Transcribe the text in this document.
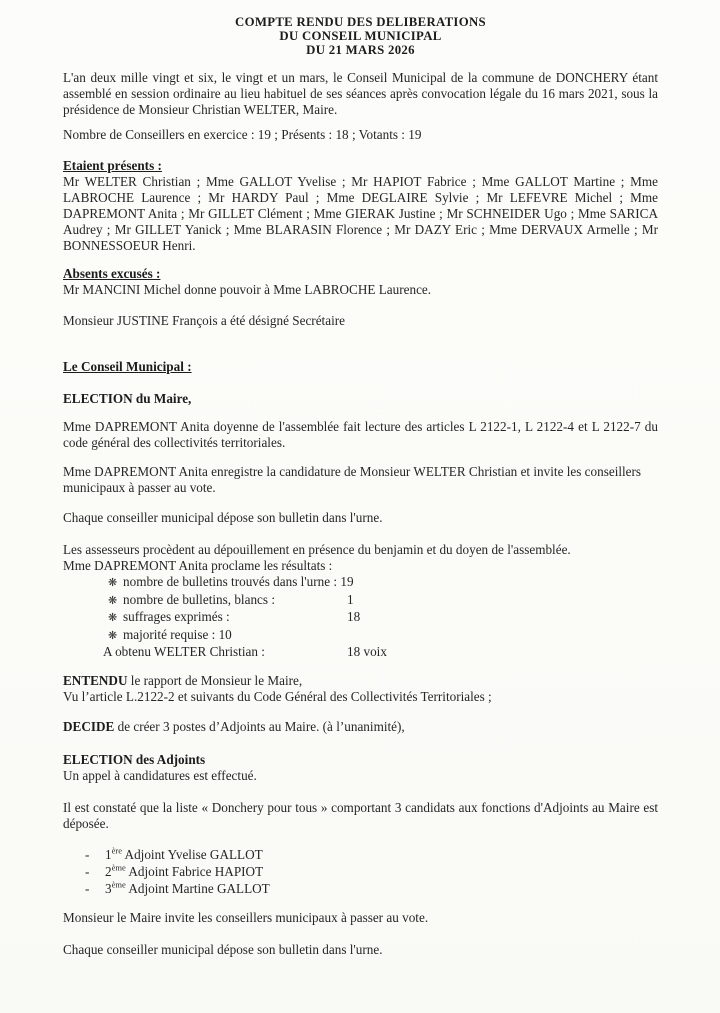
COMPTE RENDU DES DELIBERATIONS
DU CONSEIL MUNICIPAL
DU 21 MARS 2026

L'an deux mille vingt et six, le vingt et un mars, le Conseil Municipal de la commune de DONCHERY étant assemblé en session ordinaire au lieu habituel de ses séances après convocation légale du 16 mars 2021, sous la présidence de Monsieur Christian WELTER, Maire.

Nombre de Conseillers en exercice : 19 ; Présents : 18 ; Votants : 19

Etaient présents :
Mr WELTER Christian ; Mme GALLOT Yvelise ; Mr HAPIOT Fabrice ; Mme GALLOT Martine ; Mme LABROCHE Laurence ; Mr HARDY Paul ; Mme DEGLAIRE Sylvie ; Mr LEFEVRE Michel ; Mme DAPREMONT Anita ; Mr GILLET Clément ; Mme GIERAK Justine ; Mr SCHNEIDER Ugo ; Mme SARICA Audrey ; Mr GILLET Yanick ; Mme BLARASIN Florence ; Mr DAZY Eric ; Mme DERVAUX Armelle ; Mr BONNESSOEUR Henri.
Absents excusés :
Mr MANCINI Michel donne pouvoir à Mme LABROCHE Laurence.

Monsieur JUSTINE François a été désigné Secrétaire

Le Conseil Municipal :
ELECTION du Maire,

Mme DAPREMONT Anita doyenne de l'assemblée fait lecture des articles L 2122-1, L 2122-4 et L 2122-7 du code général des collectivités territoriales.

Mme DAPREMONT Anita enregistre la candidature de Monsieur WELTER Christian et invite les conseillers municipaux à passer au vote.

Chaque conseiller municipal dépose son bulletin dans l'urne.

Les assesseurs procèdent au dépouillement en présence du benjamin et du doyen de l'assemblée.
Mme DAPREMONT Anita proclame les résultats :
❋ nombre de bulletins trouvés dans l'urne : 19
❋ nombre de bulletins, blancs :	1
❋ suffrages exprimés :	18
❋ majorité requise : 10
A obtenu WELTER Christian :	18 voix
ENTENDU le rapport de Monsieur le Maire,
Vu l’article L.2122-2 et suivants du Code Général des Collectivités Territoriales ;

DECIDE de créer 3 postes d’Adjoints au Maire. (à l’unanimité),

ELECTION des Adjoints
Un appel à candidatures est effectué.

Il est constaté que la liste « Donchery pour tous » comportant 3 candidats aux fonctions d'Adjoints au Maire est déposée.

- 1ère Adjoint Yvelise GALLOT
- 2ème Adjoint Fabrice HAPIOT
- 3ème Adjoint Martine GALLOT

Monsieur le Maire invite les conseillers municipaux à passer au vote.

Chaque conseiller municipal dépose son bulletin dans l'urne.
